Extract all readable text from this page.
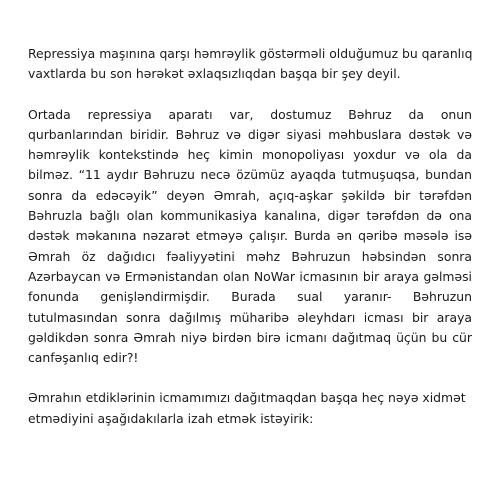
Repressiya maşınına qarşı həmrəylik göstərməli olduğumuz bu qaranlıq
vaxtlarda bu son hərəkət əxlaqsızlıqdan başqa bir şey deyil.

Ortada repressiya aparatı var, dostumuz Bəhruz da onun qurbanlarından biridir. Bəhruz və digər siyasi məhbuslara dəstək və həmrəylik kontekstində heç kimin monopoliyası yoxdur və ola da bilməz. “11 aydır Bəhruzu necə özümüz ayaqda tutmuşuqsa, bundan sonra da edəcəyik” deyən Əmrah, açıq-aşkar şəkildə bir tərəfdən Bəhruzla bağlı olan kommunikasiya kanalına, digər tərəfdən də ona dəstək məkanına nəzarət etməyə çalışır. Burda ən qəribə məsələ isə Əmrah öz dağıdıcı fəaliyyətini məhz Bəhruzun həbsindən sonra Azərbaycan və Ermənistandan olan NoWar icmasının bir araya gəlməsi fonunda genişləndirmişdir. Burada sual yaranır- Bəhruzun tutulmasından sonra dağılmış müharibə əleyhdarı icması bir araya gəldikdən sonra Əmrah niyə birdən birə icmanı dağıtmaq üçün bu cür canfəşanlıq edir?!

Əmrahın etdiklərinin icmamımızı dağıtmaqdan başqa heç nəyə xidmət
etmədiyini aşağıdakılarla izah etmək istəyirik:
